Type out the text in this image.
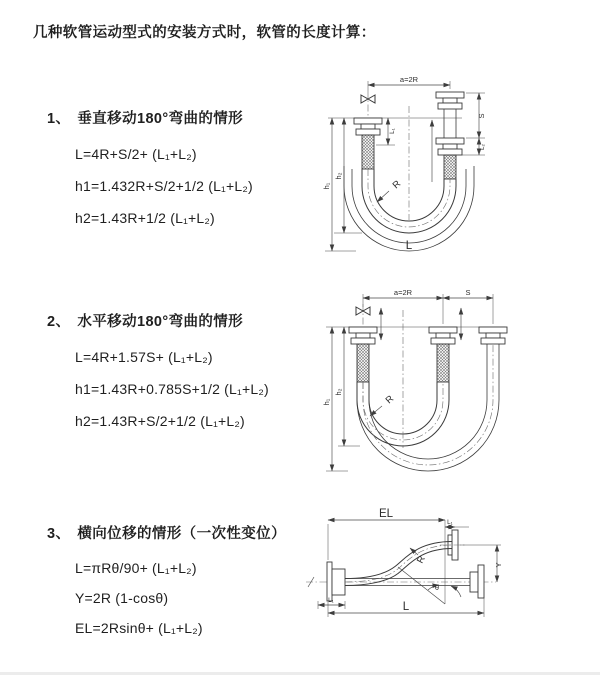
几种软管运动型式的安装方式时，软管的长度计算：
1、 垂直移动180°弯曲的情形
L=4R+S/2+ (L₁+L₂)
h1=1.432R+S/2+1/2 (L₁+L₂)
h2=1.43R+1/2 (L₁+L₂)
2、 水平移动180°弯曲的情形
L=4R+1.57S+ (L₁+L₂)
h1=1.43R+0.785S+1/2 (L₁+L₂)
h2=1.43R+S/2+1/2 (L₁+L₂)
3、 横向位移的情形（一次性变位）
L=πRθ/90+ (L₁+L₂)
Y=2R (1-cosθ)
EL=2Rsinθ+ (L₁+L₂)
a=2R
R
L
h₁
h₂
L₁
S
L₂
a=2R	S
R
h₁
h₂
EL
L₁
Y
L
L₁
θ
R
